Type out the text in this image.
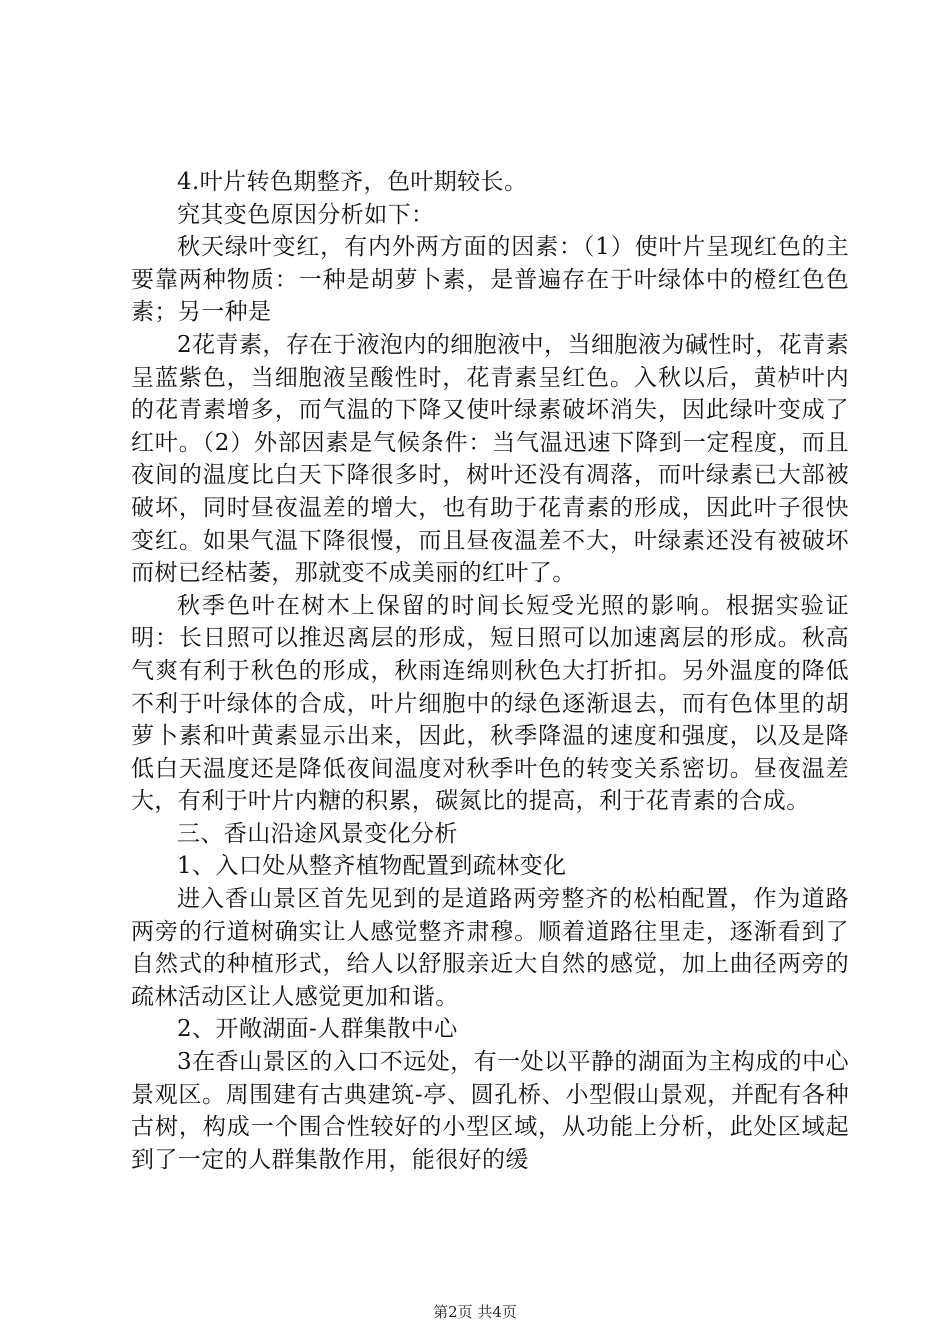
4.叶片转色期整齐，色叶期较长。

究其变色原因分析如下：

秋天绿叶变红，有内外两方面的因素：（1）使叶片呈现红色的主要靠两种物质：一种是胡萝卜素，是普遍存在于叶绿体中的橙红色色素；另一种是

2花青素，存在于液泡内的细胞液中，当细胞液为碱性时，花青素呈蓝紫色，当细胞液呈酸性时，花青素呈红色。入秋以后，黄栌叶内的花青素增多，而气温的下降又使叶绿素破坏消失，因此绿叶变成了红叶。（2）外部因素是气候条件：当气温迅速下降到一定程度，而且夜间的温度比白天下降很多时，树叶还没有凋落，而叶绿素已大部被破坏，同时昼夜温差的增大，也有助于花青素的形成，因此叶子很快变红。如果气温下降很慢，而且昼夜温差不大，叶绿素还没有被破坏而树已经枯萎，那就变不成美丽的红叶了。

秋季色叶在树木上保留的时间长短受光照的影响。根据实验证明：长日照可以推迟离层的形成，短日照可以加速离层的形成。秋高气爽有利于秋色的形成，秋雨连绵则秋色大打折扣。另外温度的降低不利于叶绿体的合成，叶片细胞中的绿色逐渐退去，而有色体里的胡萝卜素和叶黄素显示出来，因此，秋季降温的速度和强度，以及是降低白天温度还是降低夜间温度对秋季叶色的转变关系密切。昼夜温差大，有利于叶片内糖的积累，碳氮比的提高，利于花青素的合成。

三、香山沿途风景变化分析

1、入口处从整齐植物配置到疏林变化

进入香山景区首先见到的是道路两旁整齐的松柏配置，作为道路两旁的行道树确实让人感觉整齐肃穆。顺着道路往里走，逐渐看到了自然式的种植形式，给人以舒服亲近大自然的感觉，加上曲径两旁的疏林活动区让人感觉更加和谐。

2、开敞湖面-人群集散中心

3在香山景区的入口不远处，有一处以平静的湖面为主构成的中心景观区。周围建有古典建筑-亭、圆孔桥、小型假山景观，并配有各种古树，构成一个围合性较好的小型区域，从功能上分析，此处区域起到了一定的人群集散作用，能很好的缓

第2页 共4页
